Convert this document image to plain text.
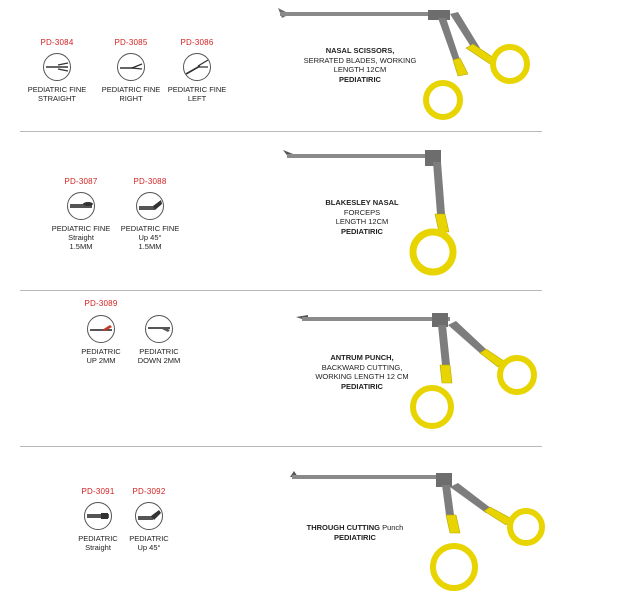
PD-3084
PEDIATRIC FINE
STRAIGHT
PD-3085
PEDIATRIC FINE
RIGHT
PD-3086
PEDIATRIC FINE
LEFT
NASAL SCISSORS,
SERRATED BLADES, WORKING
LENGTH 12CM
PEDIATIRIC
PD-3087
PEDIATRIC FINE
Straight
1.5MM
PD-3088
PEDIATRIC FINE
Up 45°
1.5MM
BLAKESLEY NASAL
FORCEPS
LENGTH 12CM
PEDIATIRIC
PD-3089
PEDIATRIC
UP 2MM
PEDIATRIC
DOWN 2MM	ANTRUM PUNCH,
BACKWARD CUTTING,
WORKING LENGTH 12 CM
PEDIATIRIC
PD-3091
PEDIATRIC
Straight
PD-3092
PEDIATRIC
Up 45°
THROUGH CUTTING Punch
PEDIATIRIC
